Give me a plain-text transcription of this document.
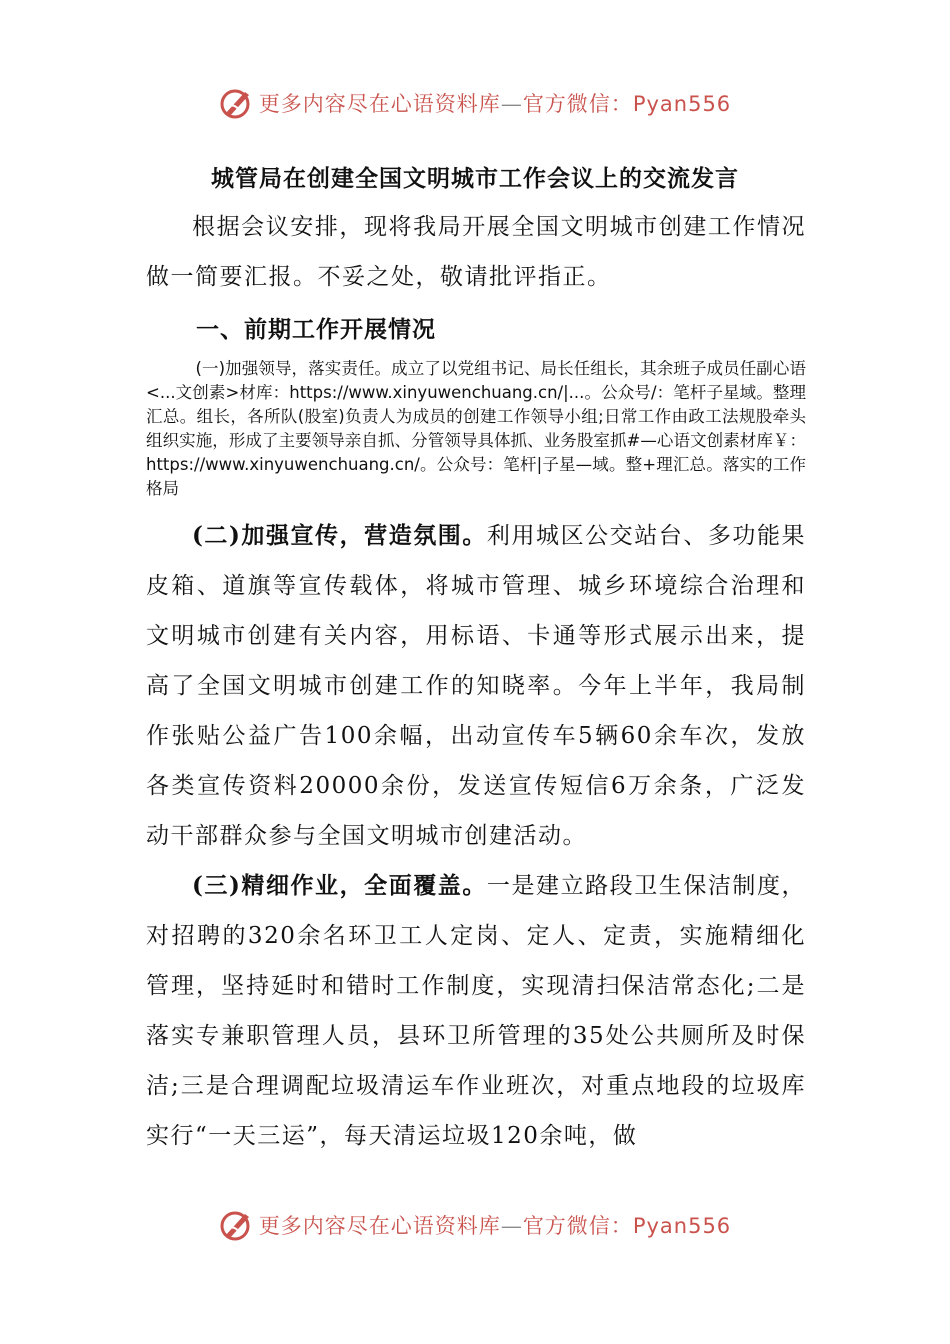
更多内容尽在心语资料库—官方微信：Pyan556
城管局在创建全国文明城市工作会议上的交流发言

根据会议安排，现将我局开展全国文明城市创建工作情况做一简要汇报。不妥之处，敬请批评指正。

一、前期工作开展情况

(一)加强领导，落实责任。成立了以党组书记、局长任组长，其余班子成员任副心语<...文创素>材库：https://www.xinyuwenchuang.cn/|...。公众号/：笔杆子星域。整理汇总。组长，各所队(股室)负责人为成员的创建工作领导小组;日常工作由政工法规股牵头组织实施，形成了主要领导亲自抓、分管领导具体抓、业务股室抓#—心语文创素材库￥：https://www.xinyuwenchuang.cn/。公众号：笔杆|子星—域。整+理汇总。落实的工作格局

(二)加强宣传，营造氛围。利用城区公交站台、多功能果皮箱、道旗等宣传载体，将城市管理、城乡环境综合治理和文明城市创建有关内容，用标语、卡通等形式展示出来，提高了全国文明城市创建工作的知晓率。今年上半年，我局制作张贴公益广告100余幅，出动宣传车5辆60余车次，发放各类宣传资料20000余份，发送宣传短信6万余条，广泛发动干部群众参与全国文明城市创建活动。

(三)精细作业，全面覆盖。一是建立路段卫生保洁制度，对招聘的320余名环卫工人定岗、定人、定责，实施精细化管理，坚持延时和错时工作制度，实现清扫保洁常态化;二是落实专兼职管理人员，县环卫所管理的35处公共厕所及时保洁;三是合理调配垃圾清运车作业班次，对重点地段的垃圾库实行“一天三运”，每天清运垃圾120余吨，做

更多内容尽在心语资料库—官方微信：Pyan556
